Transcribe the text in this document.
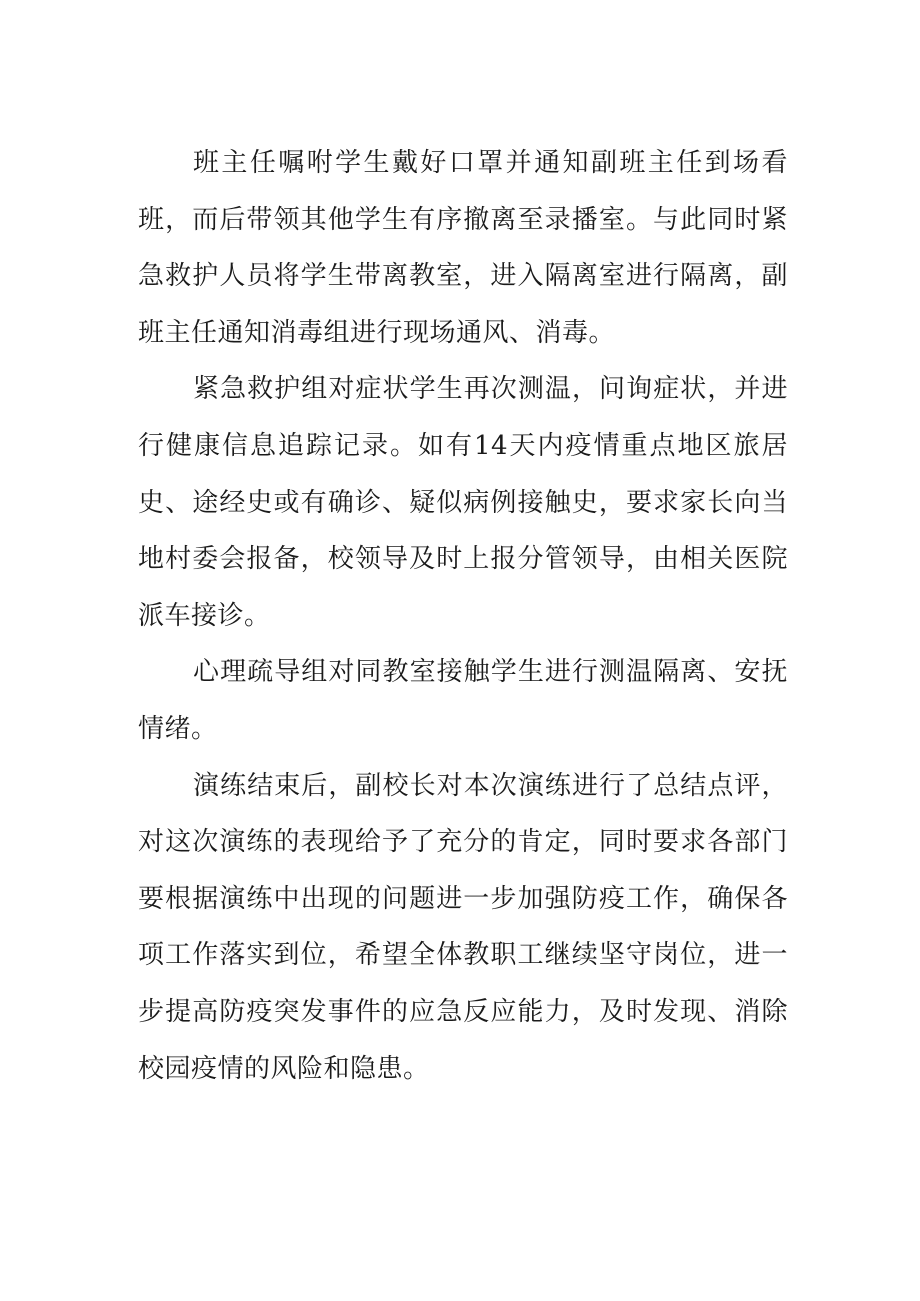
班主任嘱咐学生戴好口罩并通知副班主任到场看班，而后带领其他学生有序撤离至录播室。与此同时紧急救护人员将学生带离教室，进入隔离室进行隔离，副班主任通知消毒组进行现场通风、消毒。

紧急救护组对症状学生再次测温，问询症状，并进行健康信息追踪记录。如有14天内疫情重点地区旅居史、途经史或有确诊、疑似病例接触史，要求家长向当地村委会报备，校领导及时上报分管领导，由相关医院派车接诊。

心理疏导组对同教室接触学生进行测温隔离、安抚情绪。

演练结束后，副校长对本次演练进行了总结点评，对这次演练的表现给予了充分的肯定，同时要求各部门要根据演练中出现的问题进一步加强防疫工作，确保各项工作落实到位，希望全体教职工继续坚守岗位，进一步提高防疫突发事件的应急反应能力，及时发现、消除校园疫情的风险和隐患。
